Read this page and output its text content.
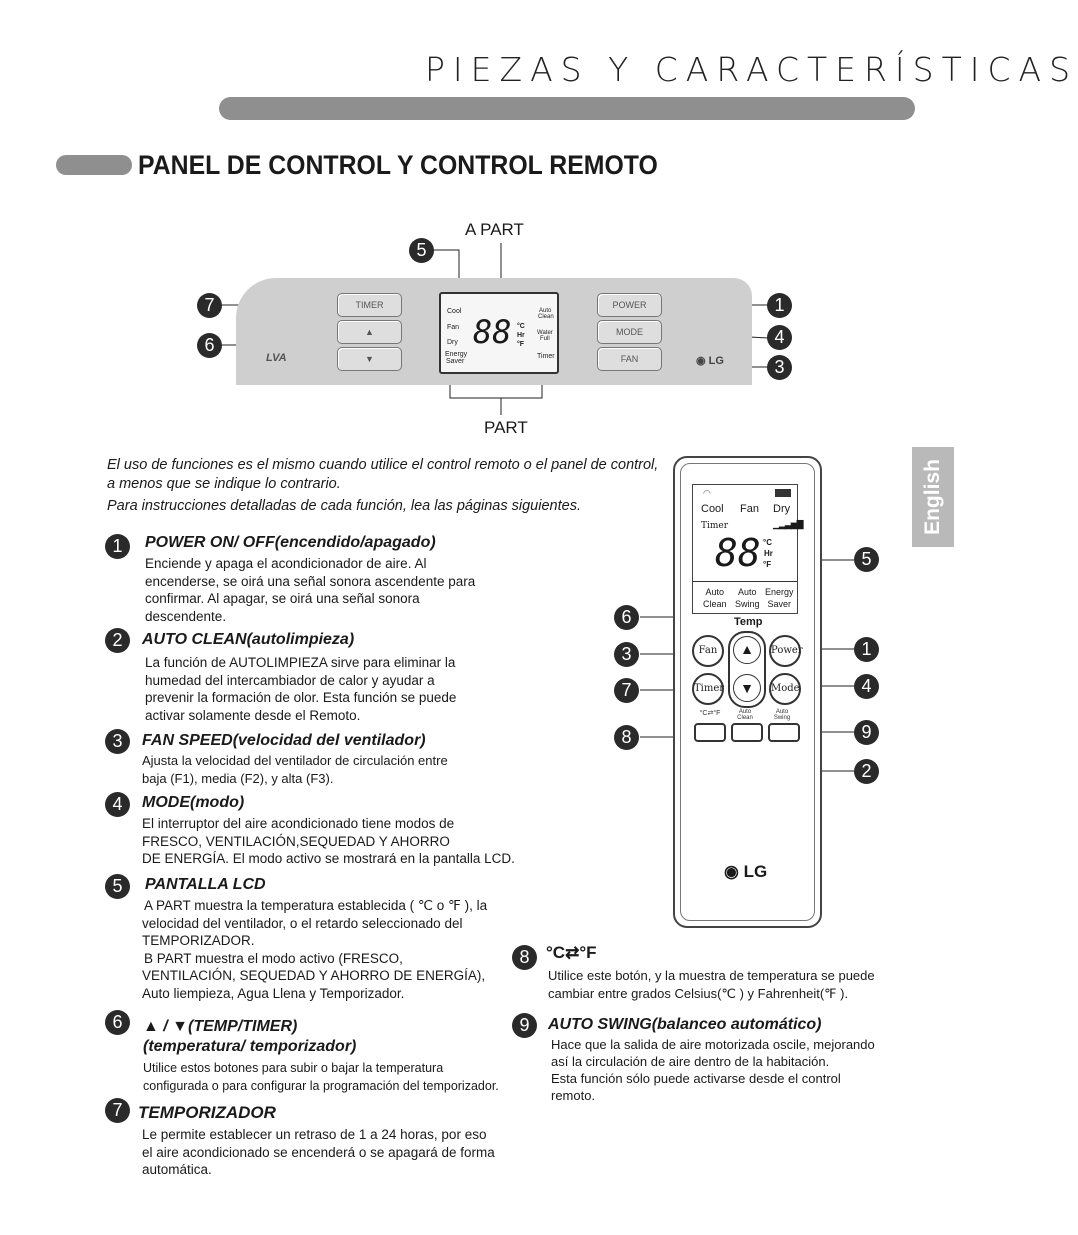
PIEZAS Y CARACTERÍSTICAS
PANEL DE CONTROL Y CONTROL REMOTO
English
A PART
PART
TIMER
▲
▼
POWER
MODE
FAN
LVA	◉ LG
Cool
Fan
Dry
Energy
Saver
88 °C
Hr
°F
Auto
Clean
Water
Full
Timer
5
7
6
1
4
3

El uso de funciones es el mismo cuando utilice el control remoto o el panel de control, a menos que se indique lo contrario.

Para instrucciones detalladas de cada función, lea las páginas siguientes.

1	POWER ON/ OFF(encendido/apagado)
Enciende y apaga el acondicionador de aire. Al
encenderse, se oirá una señal sonora ascendente para
confirmar. Al apagar, se oirá una señal sonora
descendente.
2	AUTO CLEAN(autolimpieza)
La función de AUTOLIMPIEZA sirve para eliminar la
humedad del intercambiador de calor y ayudar a
prevenir la formación de olor. Esta función se puede
activar solamente desde el Remoto.
3	FAN SPEED(velocidad del ventilador)
Ajusta la velocidad del ventilador de circulación entre
baja (F1), media (F2), y alta (F3).
4	MODE(modo)
El interruptor del aire acondicionado tiene modos de
FRESCO, VENTILACIÓN,SEQUEDAD Y AHORRO
DE ENERGÍA. El modo activo se mostrará en la pantalla LCD.
5	PANTALLA LCD
A PART muestra la temperatura establecida ( ℃ o ℉ ), la
velocidad del ventilador, o el retardo seleccionado del
TEMPORIZADOR.
B PART muestra el modo activo (FRESCO,
VENTILACIÓN, SEQUEDAD Y AHORRO DE ENERGÍA),
Auto liempieza, Agua Llena y Temporizador.
6	▲ / ▼(TEMP/TIMER)
(temperatura/ temporizador)
Utilice estos botones para subir o bajar la temperatura
configurada o para configurar la programación del temporizador.
7 TEMPORIZADOR
Le permite establecer un retraso de 1 a 24 horas, por eso
el aire acondicionado se encenderá o se apagará de forma
automática.
8 °C⇄°F
Utilice este botón, y la muestra de temperatura se puede
cambiar entre grados Celsius(℃ ) y Fahrenheit(℉ ).
9	AUTO SWING(balanceo automático)
Hace que la salida de aire motorizada oscile, mejorando
así la circulación de aire dentro de la habitación.
Esta función sólo puede activarse desde el control
remoto.
◠
Cool Fan Dry
Timer	▁▂▃▅▇
88 °C
Hr
°F
Auto
Clean
Auto
Swing
Energy
Saver
Temp
▲
▼
Fan	Power
Timer	Mode
°C⇄°F	Auto
Clean
Auto
Swing
◉ LG
6
3
7
8
5
1
4
9
2
